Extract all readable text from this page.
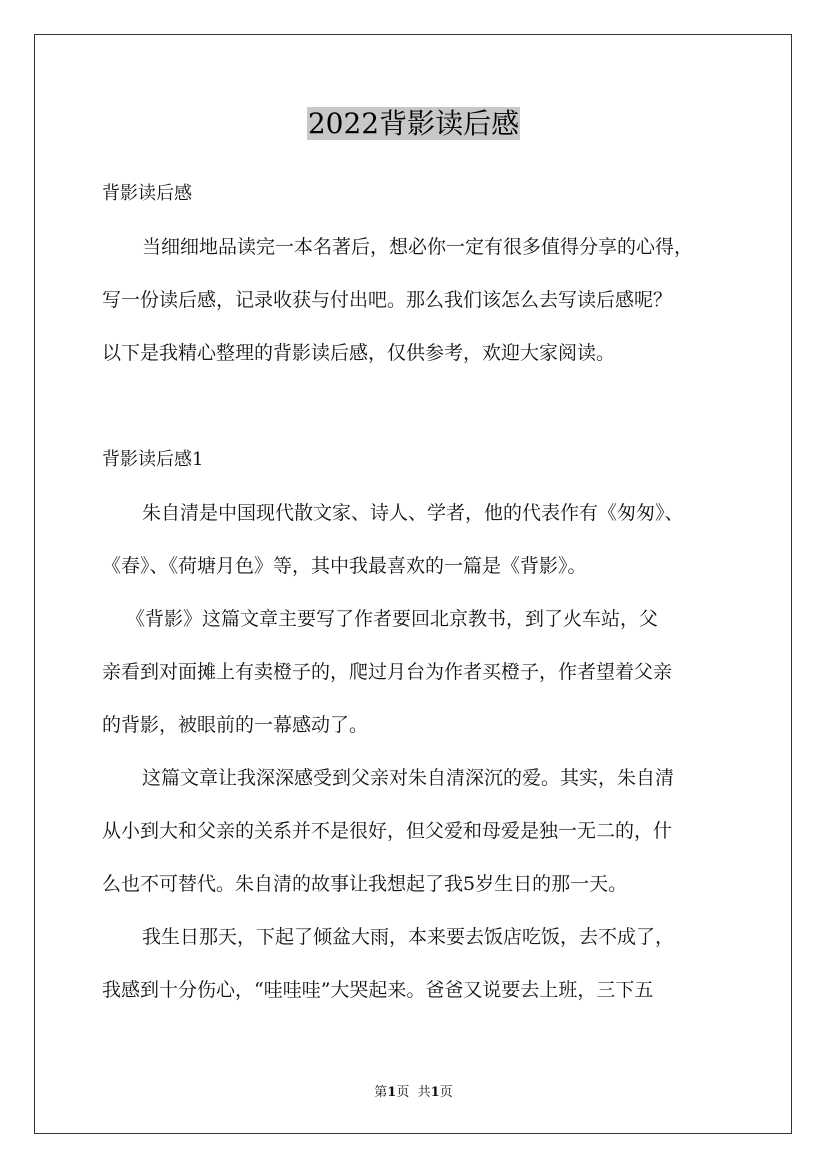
2022背影读后感
背影读后感
当细细地品读完一本名著后，想必你一定有很多值得分享的心得，
写一份读后感，记录收获与付出吧。那么我们该怎么去写读后感呢？
以下是我精心整理的背影读后感，仅供参考，欢迎大家阅读。
背影读后感1
朱自清是中国现代散文家、诗人、学者，他的代表作有《匆匆》、
《春》、《荷塘月色》等，其中我最喜欢的一篇是《背影》。
《背影》这篇文章主要写了作者要回北京教书，到了火车站，父
亲看到对面摊上有卖橙子的，爬过月台为作者买橙子，作者望着父亲
的背影，被眼前的一幕感动了。
这篇文章让我深深感受到父亲对朱自清深沉的爱。其实，朱自清
从小到大和父亲的关系并不是很好，但父爱和母爱是独一无二的，什
么也不可替代。朱自清的故事让我想起了我5岁生日的那一天。
我生日那天，下起了倾盆大雨，本来要去饭店吃饭，去不成了，
我感到十分伤心，“哇哇哇”大哭起来。爸爸又说要去上班，三下五
第1页 共1页
